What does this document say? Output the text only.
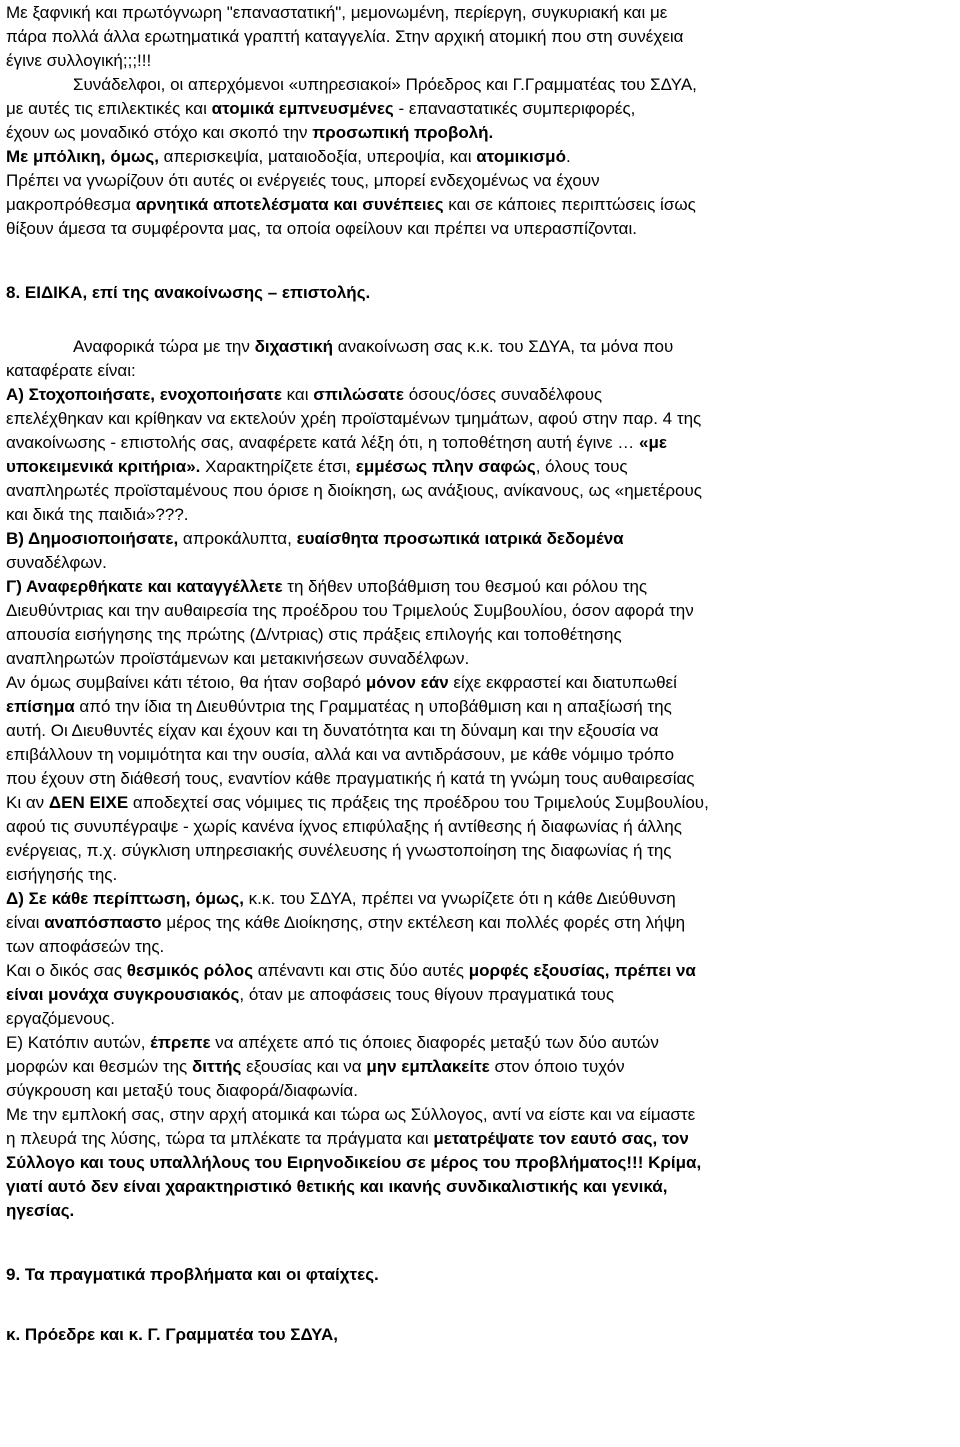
Με ξαφνική και πρωτόγνωρη "επαναστατική", μεμονωμένη, περίεργη, συγκυριακή και με
πάρα πολλά άλλα ερωτηματικά γραπτή καταγγελία. Στην αρχική ατομική που στη συνέχεια
έγινε συλλογική;;;!!!
Συνάδελφοι, οι απερχόμενοι «υπηρεσιακοί» Πρόεδρος και Γ.Γραμματέας του ΣΔΥΑ,
με αυτές τις επιλεκτικές και ατομικά εμπνευσμένες - επαναστατικές συμπεριφορές,
έχουν ως μοναδικό στόχο και σκοπό την προσωπική προβολή.
Με μπόλικη, όμως, απερισκεψία, ματαιοδοξία, υπεροψία, και ατομικισμό.
Πρέπει να γνωρίζουν ότι αυτές οι ενέργειές τους, μπορεί ενδεχομένως να έχουν
μακροπρόθεσμα αρνητικά αποτελέσματα και συνέπειες και σε κάποιες περιπτώσεις ίσως
θίξουν άμεσα τα συμφέροντα μας, τα οποία οφείλουν και πρέπει να υπερασπίζονται.
8. ΕΙΔΙΚΑ, επί της ανακοίνωσης – επιστολής.
Αναφορικά τώρα με την διχαστική ανακοίνωση σας κ.κ. του ΣΔΥΑ, τα μόνα που
καταφέρατε είναι:
Α) Στοχοποιήσατε, ενοχοποιήσατε και σπιλώσατε όσους/όσες συναδέλφους
επελέχθηκαν και κρίθηκαν να εκτελούν χρέη προϊσταμένων τμημάτων, αφού στην παρ. 4 της
ανακοίνωσης - επιστολής σας, αναφέρετε κατά λέξη ότι, η τοποθέτηση αυτή έγινε … «με
υποκειμενικά κριτήρια». Χαρακτηρίζετε έτσι, εμμέσως πλην σαφώς, όλους τους
αναπληρωτές προϊσταμένους που όρισε η διοίκηση, ως ανάξιους, ανίκανους, ως «ημετέρους
και δικά της παιδιά»???.
Β) Δημοσιοποιήσατε, απροκάλυπτα, ευαίσθητα προσωπικά ιατρικά δεδομένα
συναδέλφων.
Γ) Αναφερθήκατε και καταγγέλλετε τη δήθεν υποβάθμιση του θεσμού και ρόλου της
Διευθύντριας και την αυθαιρεσία της προέδρου του Τριμελούς Συμβουλίου, όσον αφορά την
απουσία εισήγησης της πρώτης (Δ/ντριας) στις πράξεις επιλογής και τοποθέτησης
αναπληρωτών προϊστάμενων και μετακινήσεων συναδέλφων.
Αν όμως συμβαίνει κάτι τέτοιο, θα ήταν σοβαρό μόνον εάν είχε εκφραστεί και διατυπωθεί
επίσημα από την ίδια τη Διευθύντρια της Γραμματέας η υποβάθμιση και η απαξίωσή της
αυτή. Οι Διευθυντές είχαν και έχουν και τη δυνατότητα και τη δύναμη και την εξουσία να
επιβάλλουν τη νομιμότητα και την ουσία, αλλά και να αντιδράσουν, με κάθε νόμιμο τρόπο
που έχουν στη διάθεσή τους, εναντίον κάθε πραγματικής ή κατά τη γνώμη τους αυθαιρεσίας
Κι αν ΔΕΝ ΕΙΧΕ αποδεχτεί σας νόμιμες τις πράξεις της προέδρου του Τριμελούς Συμβουλίου,
αφού τις συνυπέγραψε - χωρίς κανένα ίχνος επιφύλαξης ή αντίθεσης ή διαφωνίας ή άλλης
ενέργειας, π.χ. σύγκλιση υπηρεσιακής συνέλευσης ή γνωστοποίηση της διαφωνίας ή της
εισήγησής της.
Δ) Σε κάθε περίπτωση, όμως, κ.κ. του ΣΔΥΑ, πρέπει να γνωρίζετε ότι η κάθε Διεύθυνση
είναι αναπόσπαστο μέρος της κάθε Διοίκησης, στην εκτέλεση και πολλές φορές στη λήψη
των αποφάσεών της.
Και ο δικός σας θεσμικός ρόλος απέναντι και στις δύο αυτές μορφές εξουσίας, πρέπει να
είναι μονάχα συγκρουσιακός, όταν με αποφάσεις τους θίγουν πραγματικά τους
εργαζόμενους.
Ε) Κατόπιν αυτών, έπρεπε να απέχετε από τις όποιες διαφορές μεταξύ των δύο αυτών
μορφών και θεσμών της διττής εξουσίας και να μην εμπλακείτε στον όποιο τυχόν
σύγκρουση και μεταξύ τους διαφορά/διαφωνία.
Με την εμπλοκή σας, στην αρχή ατομικά και τώρα ως Σύλλογος, αντί να είστε και να είμαστε
η πλευρά της λύσης, τώρα τα μπλέκατε τα πράγματα και μετατρέψατε τον εαυτό σας, τον
Σύλλογο και τους υπαλλήλους του Ειρηνοδικείου σε μέρος του προβλήματος!!! Κρίμα,
γιατί αυτό δεν είναι χαρακτηριστικό θετικής και ικανής συνδικαλιστικής και γενικά,
ηγεσίας.
9. Τα πραγματικά προβλήματα και οι φταίχτες.
κ. Πρόεδρε και κ. Γ. Γραμματέα του ΣΔΥΑ,
